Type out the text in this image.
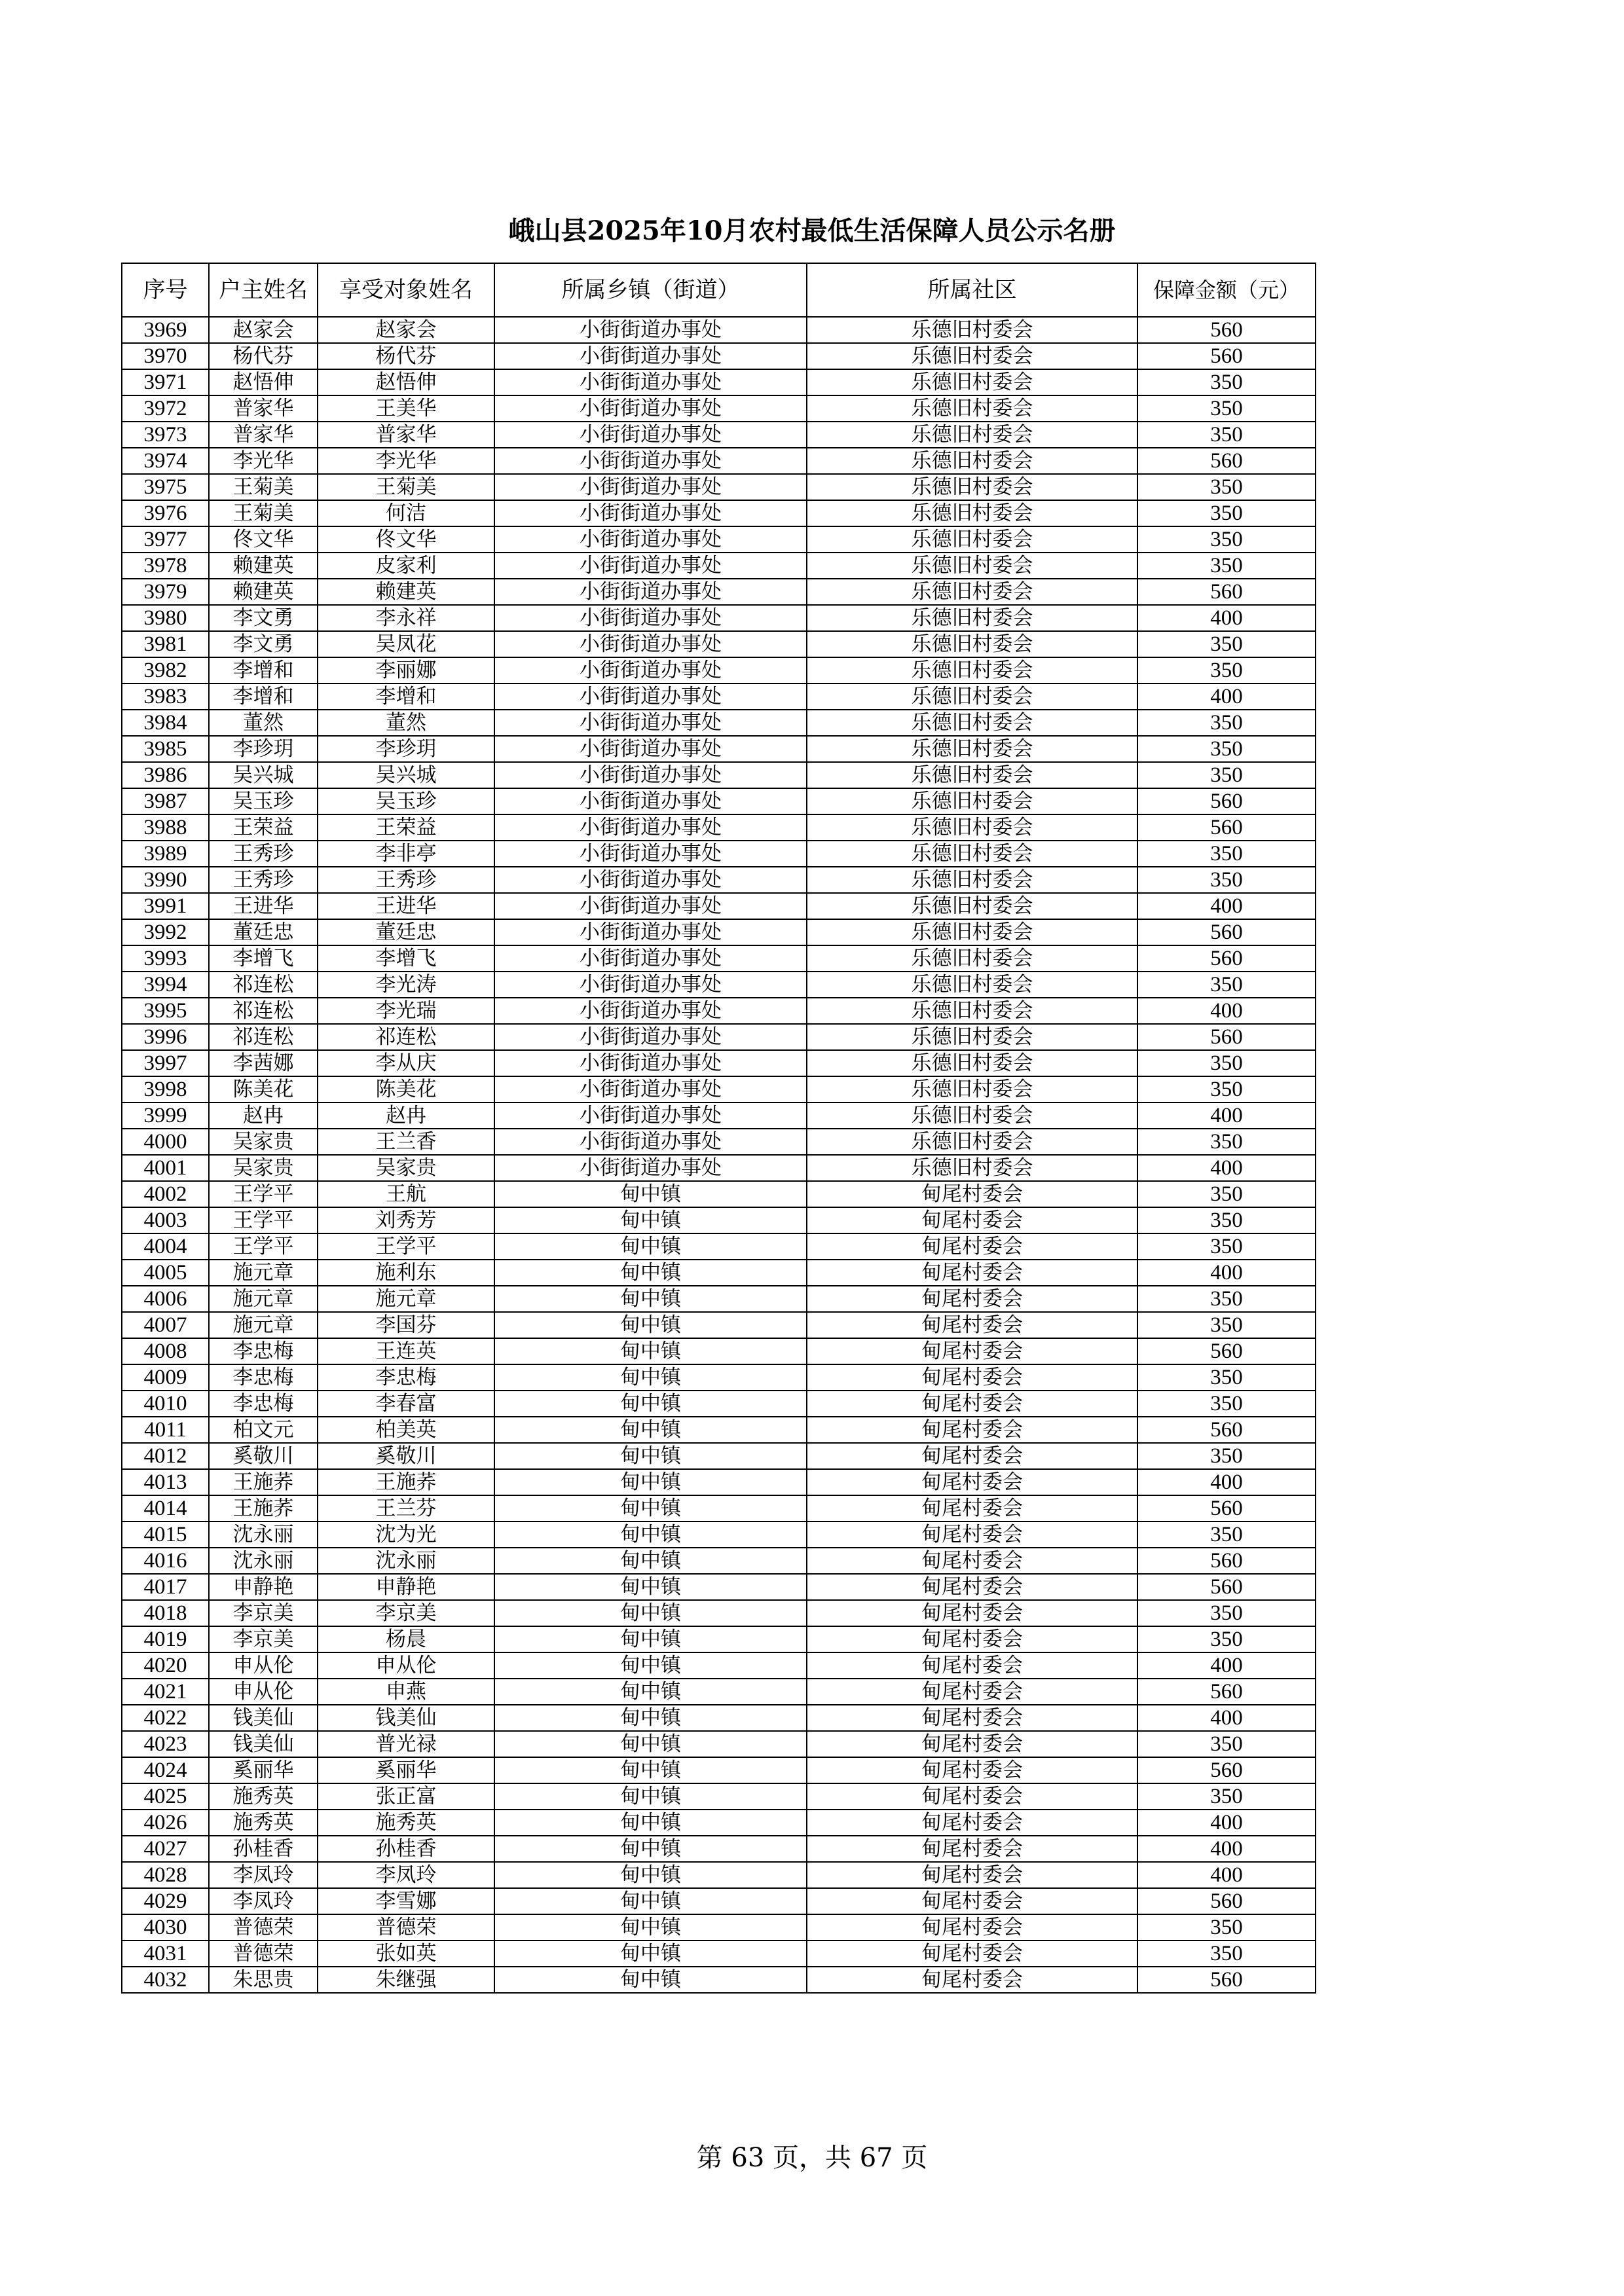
峨山县2025年10月农村最低生活保障人员公示名册
序号	户主姓名	享受对象姓名	所属乡镇（街道）	所属社区	保障金额（元）
3969	赵家会	赵家会	小街街道办事处	乐德旧村委会	560
3970	杨代芬	杨代芬	小街街道办事处	乐德旧村委会	560
3971	赵悟伸	赵悟伸	小街街道办事处	乐德旧村委会	350
3972	普家华	王美华	小街街道办事处	乐德旧村委会	350
3973	普家华	普家华	小街街道办事处	乐德旧村委会	350
3974	李光华	李光华	小街街道办事处	乐德旧村委会	560
3975	王菊美	王菊美	小街街道办事处	乐德旧村委会	350
3976	王菊美	何洁	小街街道办事处	乐德旧村委会	350
3977	佟文华	佟文华	小街街道办事处	乐德旧村委会	350
3978	赖建英	皮家利	小街街道办事处	乐德旧村委会	350
3979	赖建英	赖建英	小街街道办事处	乐德旧村委会	560
3980	李文勇	李永祥	小街街道办事处	乐德旧村委会	400
3981	李文勇	吴凤花	小街街道办事处	乐德旧村委会	350
3982	李增和	李丽娜	小街街道办事处	乐德旧村委会	350
3983	李增和	李增和	小街街道办事处	乐德旧村委会	400
3984	董然	董然	小街街道办事处	乐德旧村委会	350
3985	李珍玥	李珍玥	小街街道办事处	乐德旧村委会	350
3986	吴兴城	吴兴城	小街街道办事处	乐德旧村委会	350
3987	吴玉珍	吴玉珍	小街街道办事处	乐德旧村委会	560
3988	王荣益	王荣益	小街街道办事处	乐德旧村委会	560
3989	王秀珍	李非亭	小街街道办事处	乐德旧村委会	350
3990	王秀珍	王秀珍	小街街道办事处	乐德旧村委会	350
3991	王进华	王进华	小街街道办事处	乐德旧村委会	400
3992	董廷忠	董廷忠	小街街道办事处	乐德旧村委会	560
3993	李增飞	李增飞	小街街道办事处	乐德旧村委会	560
3994	祁连松	李光涛	小街街道办事处	乐德旧村委会	350
3995	祁连松	李光瑞	小街街道办事处	乐德旧村委会	400
3996	祁连松	祁连松	小街街道办事处	乐德旧村委会	560
3997	李茜娜	李从庆	小街街道办事处	乐德旧村委会	350
3998	陈美花	陈美花	小街街道办事处	乐德旧村委会	350
3999	赵冉	赵冉	小街街道办事处	乐德旧村委会	400
4000	吴家贵	王兰香	小街街道办事处	乐德旧村委会	350
4001	吴家贵	吴家贵	小街街道办事处	乐德旧村委会	400
4002	王学平	王航	甸中镇	甸尾村委会	350
4003	王学平	刘秀芳	甸中镇	甸尾村委会	350
4004	王学平	王学平	甸中镇	甸尾村委会	350
4005	施元章	施利东	甸中镇	甸尾村委会	400
4006	施元章	施元章	甸中镇	甸尾村委会	350
4007	施元章	李国芬	甸中镇	甸尾村委会	350
4008	李忠梅	王连英	甸中镇	甸尾村委会	560
4009	李忠梅	李忠梅	甸中镇	甸尾村委会	350
4010	李忠梅	李春富	甸中镇	甸尾村委会	350
4011	柏文元	柏美英	甸中镇	甸尾村委会	560
4012	奚敬川	奚敬川	甸中镇	甸尾村委会	350
4013	王施荞	王施荞	甸中镇	甸尾村委会	400
4014	王施荞	王兰芬	甸中镇	甸尾村委会	560
4015	沈永丽	沈为光	甸中镇	甸尾村委会	350
4016	沈永丽	沈永丽	甸中镇	甸尾村委会	560
4017	申静艳	申静艳	甸中镇	甸尾村委会	560
4018	李京美	李京美	甸中镇	甸尾村委会	350
4019	李京美	杨晨	甸中镇	甸尾村委会	350
4020	申从伦	申从伦	甸中镇	甸尾村委会	400
4021	申从伦	申燕	甸中镇	甸尾村委会	560
4022	钱美仙	钱美仙	甸中镇	甸尾村委会	400
4023	钱美仙	普光禄	甸中镇	甸尾村委会	350
4024	奚丽华	奚丽华	甸中镇	甸尾村委会	560
4025	施秀英	张正富	甸中镇	甸尾村委会	350
4026	施秀英	施秀英	甸中镇	甸尾村委会	400
4027	孙桂香	孙桂香	甸中镇	甸尾村委会	400
4028	李凤玲	李凤玲	甸中镇	甸尾村委会	400
4029	李凤玲	李雪娜	甸中镇	甸尾村委会	560
4030	普德荣	普德荣	甸中镇	甸尾村委会	350
4031	普德荣	张如英	甸中镇	甸尾村委会	350
4032	朱思贵	朱继强	甸中镇	甸尾村委会	560
第 63 页，共 67 页
